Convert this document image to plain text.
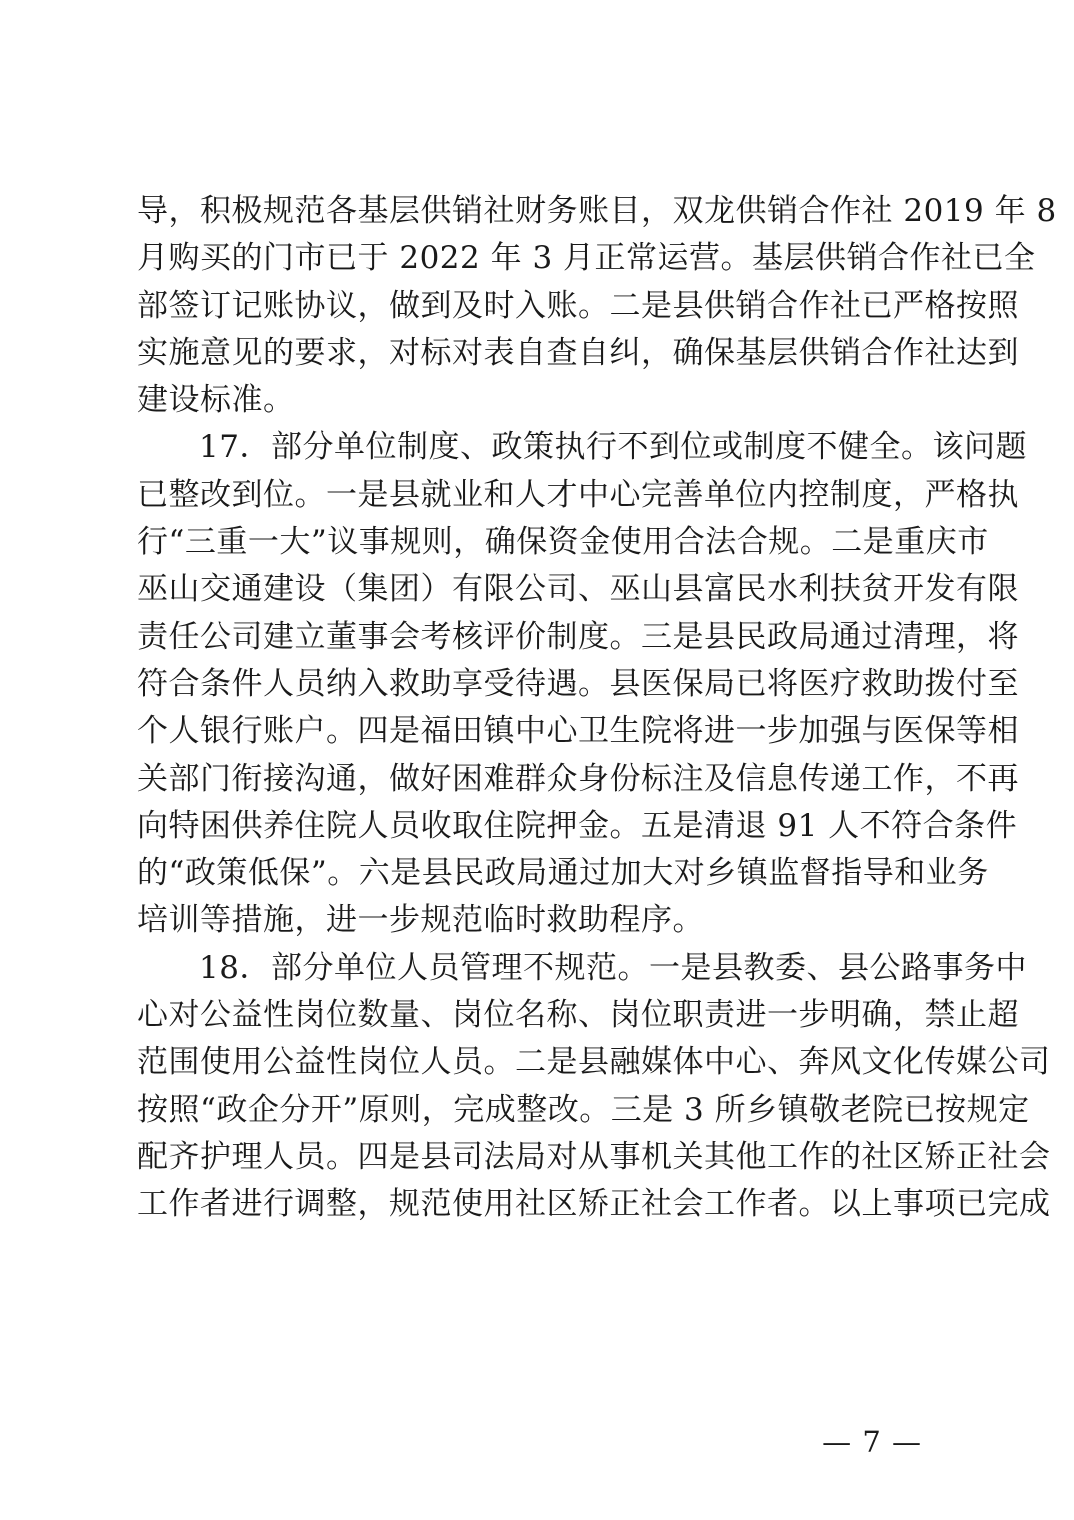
导，积极规范各基层供销社财务账目，双龙供销合作社 2019 年 8
月购买的门市已于 2022 年 3 月正常运营。基层供销合作社已全
部签订记账协议，做到及时入账。二是县供销合作社已严格按照
实施意见的要求，对标对表自查自纠，确保基层供销合作社达到
建设标准。
17．部分单位制度、政策执行不到位或制度不健全。该问题
已整改到位。一是县就业和人才中心完善单位内控制度，严格执
行“三重一大”议事规则，确保资金使用合法合规。二是重庆市
巫山交通建设（集团）有限公司、巫山县富民水利扶贫开发有限
责任公司建立董事会考核评价制度。三是县民政局通过清理，将
符合条件人员纳入救助享受待遇。县医保局已将医疗救助拨付至
个人银行账户。四是福田镇中心卫生院将进一步加强与医保等相
关部门衔接沟通，做好困难群众身份标注及信息传递工作，不再
向特困供养住院人员收取住院押金。五是清退 91 人不符合条件
的“政策低保”。六是县民政局通过加大对乡镇监督指导和业务
培训等措施，进一步规范临时救助程序。
18．部分单位人员管理不规范。一是县教委、县公路事务中
心对公益性岗位数量、岗位名称、岗位职责进一步明确，禁止超
范围使用公益性岗位人员。二是县融媒体中心、奔风文化传媒公司
按照“政企分开”原则，完成整改。三是 3 所乡镇敬老院已按规定
配齐护理人员。四是县司法局对从事机关其他工作的社区矫正社会
工作者进行调整，规范使用社区矫正社会工作者。以上事项已完成
— 7 —
